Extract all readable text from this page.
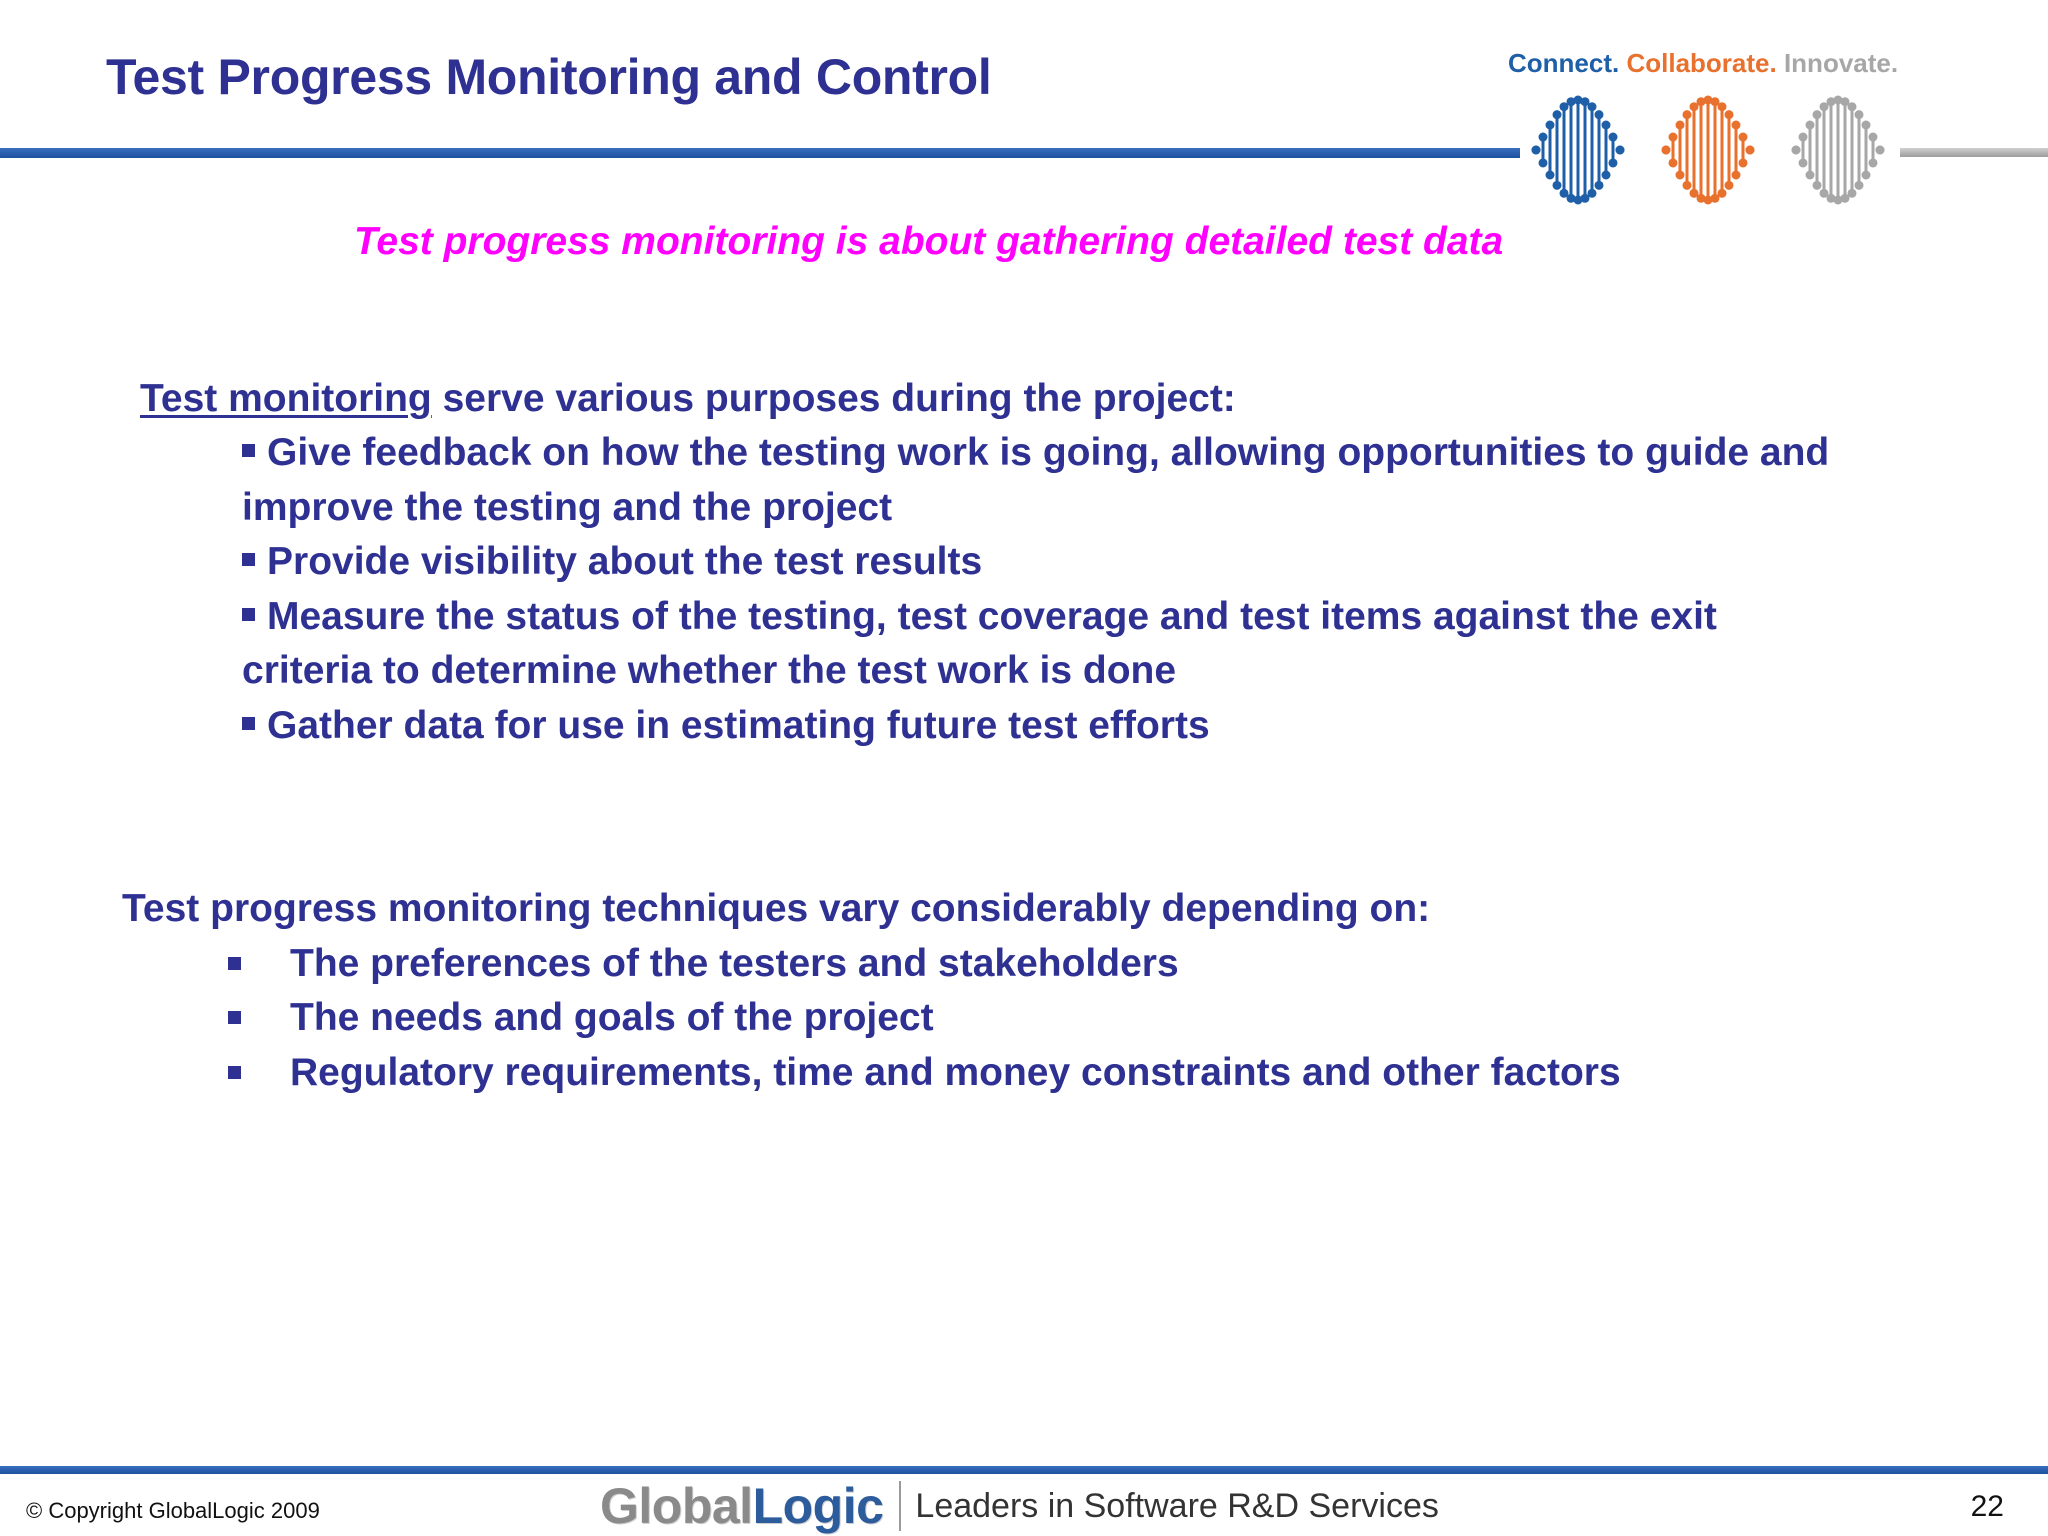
Test Progress Monitoring and Control	Connect. Collaborate. Innovate.
Test progress monitoring is about gathering detailed test data
Test monitoring serve various purposes during the project:
Give feedback on how the testing work is going, allowing opportunities to guide and improve the testing and the project
Provide visibility about the test results
Measure the status of the testing, test coverage and test items against the exit criteria to determine whether the test work is done
Gather data for use in estimating future test efforts
Test progress monitoring techniques vary considerably depending on:
The preferences of the testers and stakeholders
The needs and goals of the project
Regulatory requirements, time and money constraints and other factors
© Copyright GlobalLogic 2009	GlobalLogic Leaders in Software R&D Services	22
